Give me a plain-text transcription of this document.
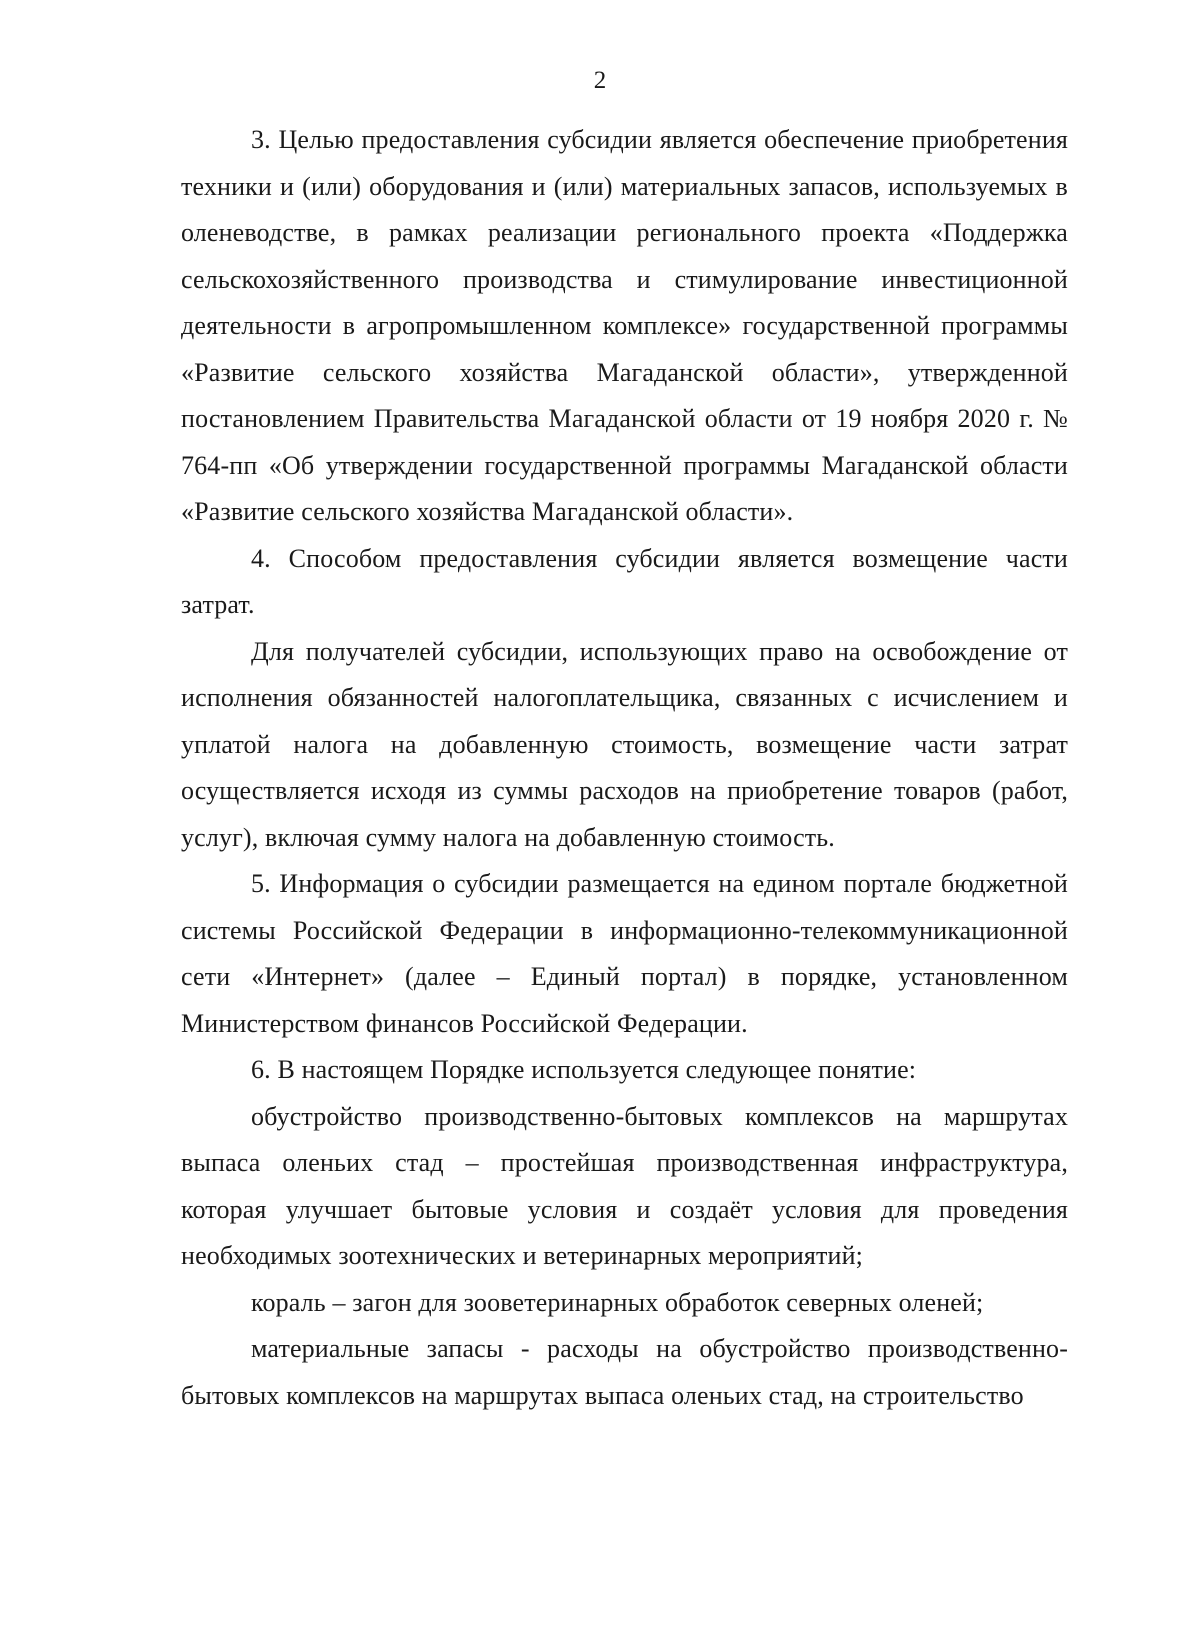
2

3. Целью предоставления субсидии является обеспечение приобретения техники и (или) оборудования и (или) материальных запасов, используемых в оленеводстве, в рамках реализации регионального проекта «Поддержка сельскохозяйственного производства и стимулирование инвестиционной деятельности в агропромышленном комплексе» государственной программы «Развитие сельского хозяйства Магаданской области», утвержденной постановлением Правительства Магаданской области от 19 ноября 2020 г. № 764-пп «Об утверждении государственной программы Магаданской области «Развитие сельского хозяйства Магаданской области».

4. Способом предоставления субсидии является возмещение части затрат.

Для получателей субсидии, использующих право на освобождение от исполнения обязанностей налогоплательщика, связанных с исчислением и уплатой налога на добавленную стоимость, возмещение части затрат осуществляется исходя из суммы расходов на приобретение товаров (работ, услуг), включая сумму налога на добавленную стоимость.

5. Информация о субсидии размещается на едином портале бюджетной системы Российской Федерации в информационно-телекоммуникационной сети «Интернет» (далее – Единый портал) в порядке, установленном Министерством финансов Российской Федерации.

6. В настоящем Порядке используется следующее понятие:

обустройство производственно-бытовых комплексов на маршрутах выпаса оленьих стад – простейшая производственная инфраструктура, которая улучшает бытовые условия и создаёт условия для проведения необходимых зоотехнических и ветеринарных мероприятий;

кораль – загон для зооветеринарных обработок северных оленей;

материальные запасы - расходы на обустройство производственно-бытовых комплексов на маршрутах выпаса оленьих стад, на строительство
